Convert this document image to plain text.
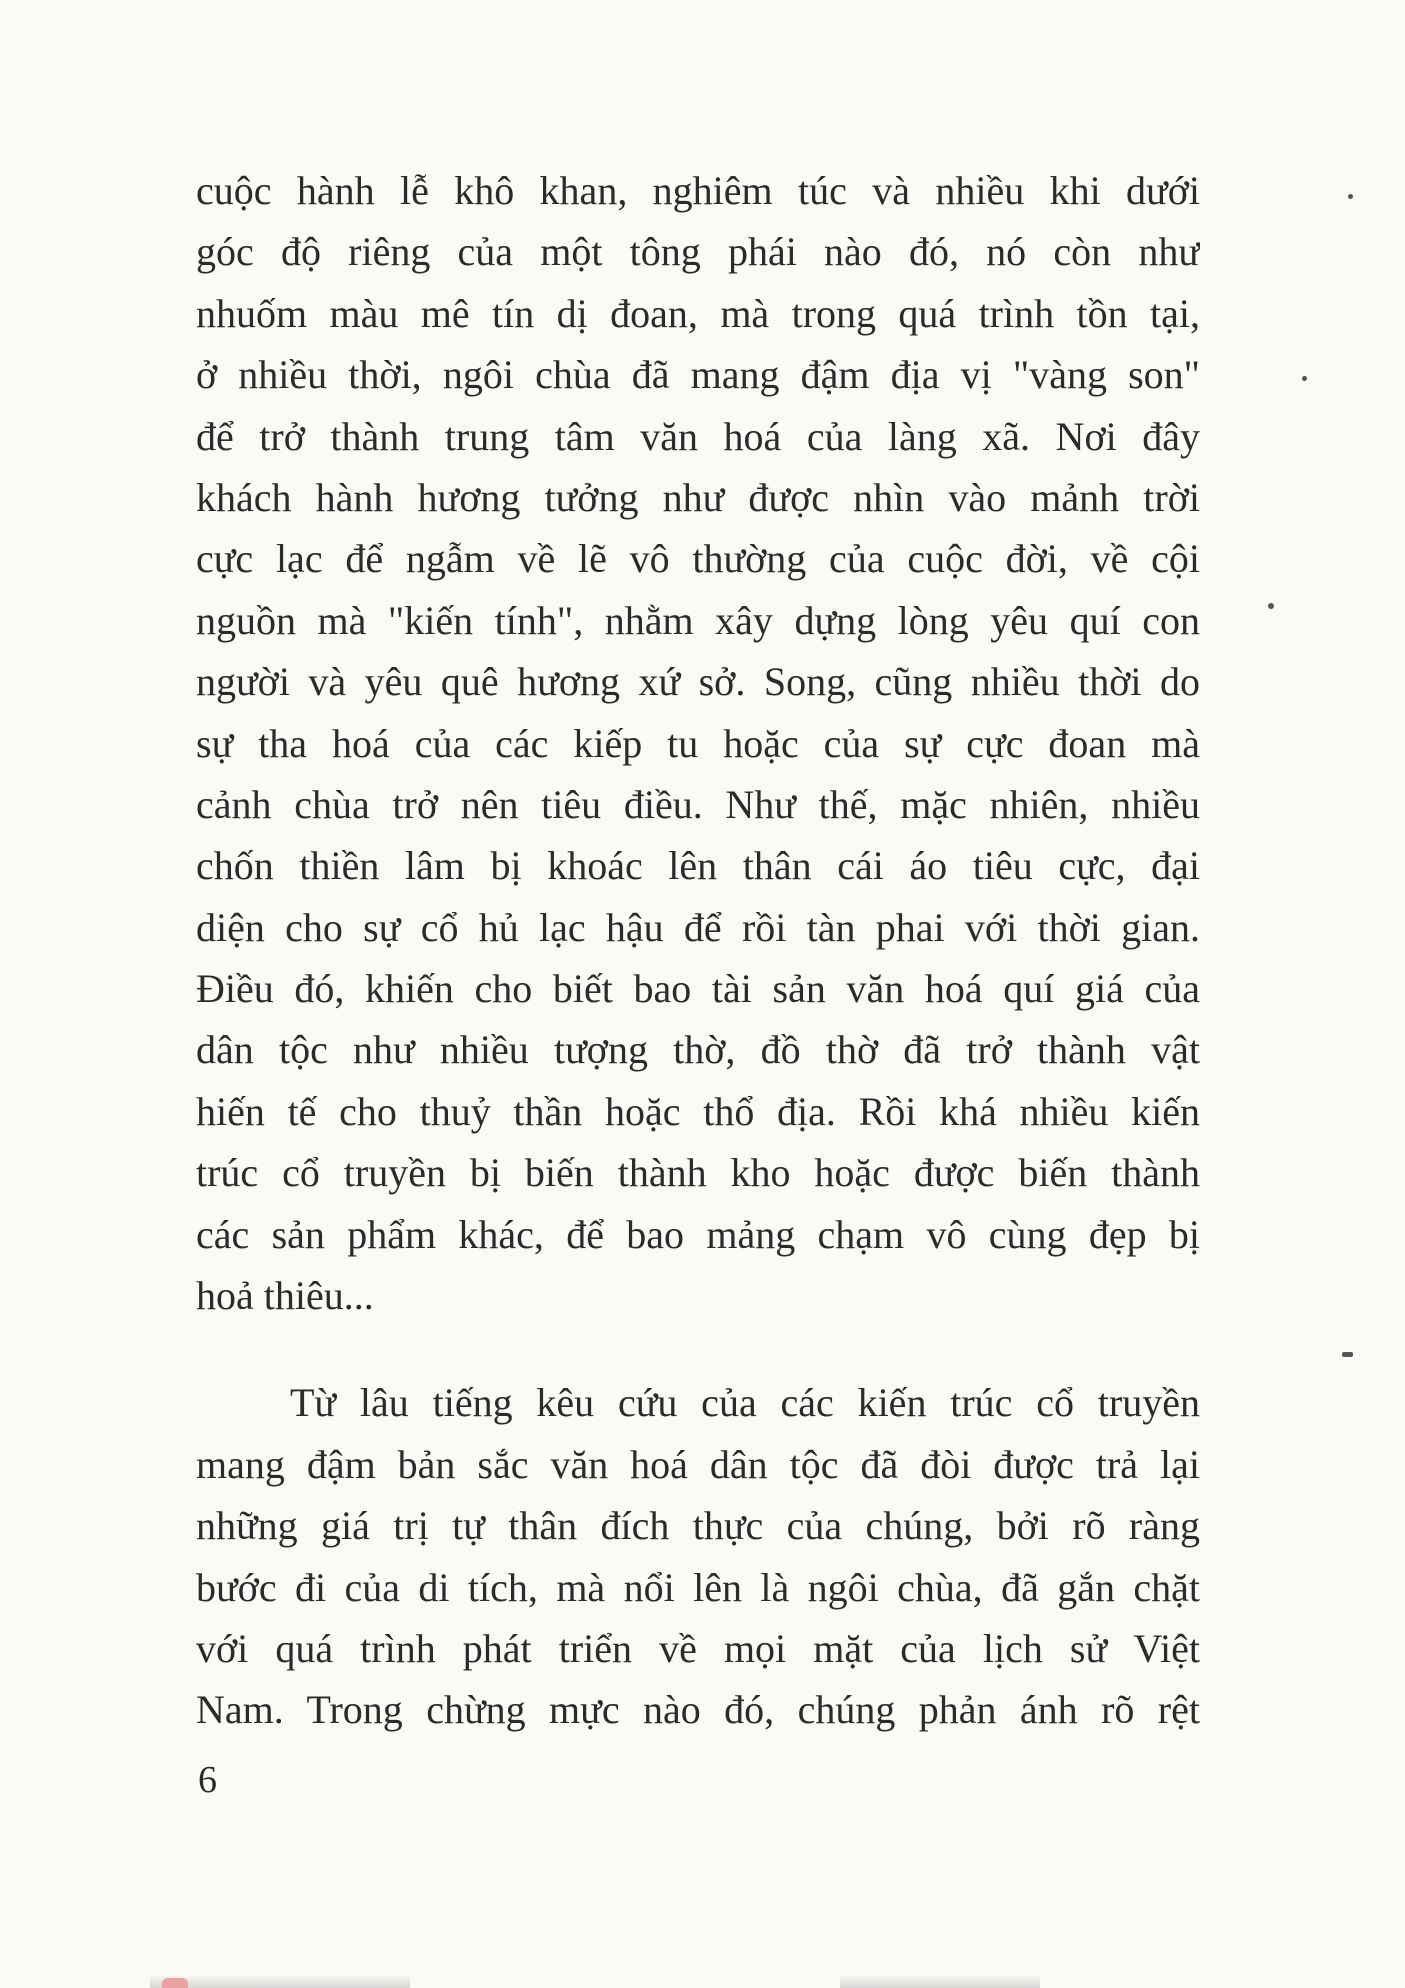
cuộc hành lễ khô khan, nghiêm túc và nhiều khi dưới
góc độ riêng của một tông phái nào đó, nó còn như
nhuốm màu mê tín dị đoan, mà trong quá trình tồn tại,
ở nhiều thời, ngôi chùa đã mang đậm địa vị "vàng son"
để trở thành trung tâm văn hoá của làng xã. Nơi đây
khách hành hương tưởng như được nhìn vào mảnh trời
cực lạc để ngẫm về lẽ vô thường của cuộc đời, về cội
nguồn mà "kiến tính", nhằm xây dựng lòng yêu quí con
người và yêu quê hương xứ sở. Song, cũng nhiều thời do
sự tha hoá của các kiếp tu hoặc của sự cực đoan mà
cảnh chùa trở nên tiêu điều. Như thế, mặc nhiên, nhiều
chốn thiền lâm bị khoác lên thân cái áo tiêu cực, đại
diện cho sự cổ hủ lạc hậu để rồi tàn phai với thời gian.
Điều đó, khiến cho biết bao tài sản văn hoá quí giá của
dân tộc như nhiều tượng thờ, đồ thờ đã trở thành vật
hiến tế cho thuỷ thần hoặc thổ địa. Rồi khá nhiều kiến
trúc cổ truyền bị biến thành kho hoặc được biến thành
các sản phẩm khác, để bao mảng chạm vô cùng đẹp bị
hoả thiêu...

Từ lâu tiếng kêu cứu của các kiến trúc cổ truyền
mang đậm bản sắc văn hoá dân tộc đã đòi được trả lại
những giá trị tự thân đích thực của chúng, bởi rõ ràng
bước đi của di tích, mà nổi lên là ngôi chùa, đã gắn chặt
với quá trình phát triển về mọi mặt của lịch sử Việt
Nam. Trong chừng mực nào đó, chúng phản ánh rõ rệt

6
